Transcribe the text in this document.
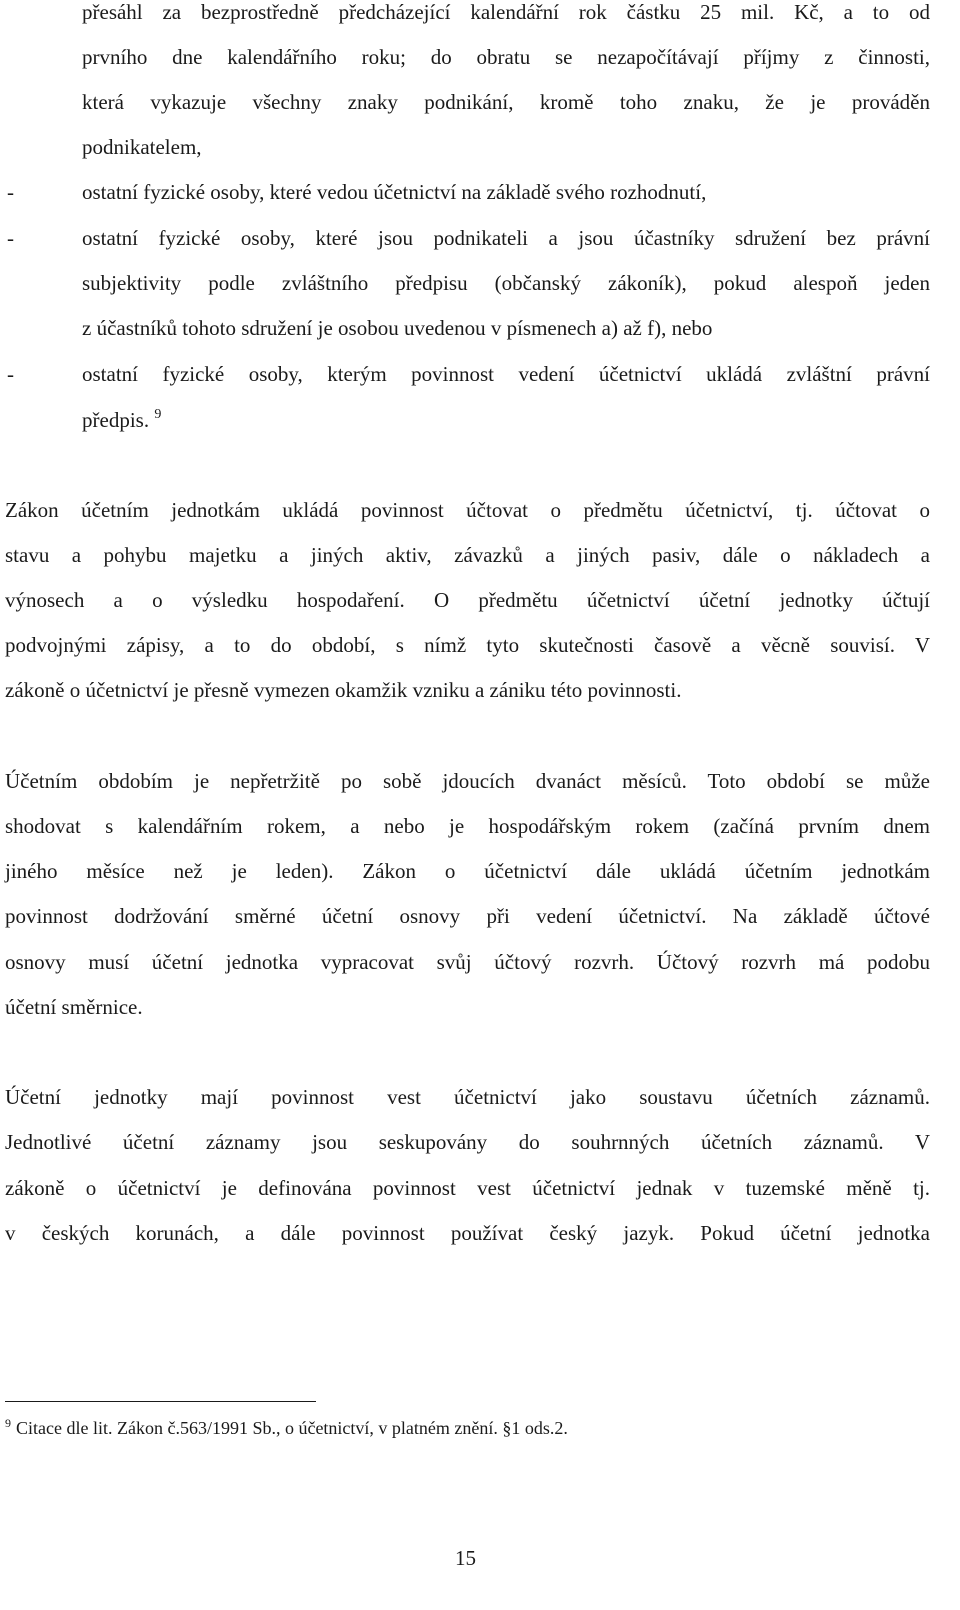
přesáhl za bezprostředně předcházející kalendářní rok částku 25 mil. Kč, a to od
prvního dne kalendářního roku; do obratu se nezapočítávají příjmy z činnosti,
která vykazuje všechny znaky podnikání, kromě toho znaku, že je prováděn
podnikatelem,
-	ostatní fyzické osoby, které vedou účetnictví na základě svého rozhodnutí,
-	ostatní fyzické osoby, které jsou podnikateli a jsou účastníky sdružení bez právní
subjektivity podle zvláštního předpisu (občanský zákoník), pokud alespoň jeden
z účastníků tohoto sdružení je osobou uvedenou v písmenech a) až f), nebo
-	ostatní fyzické osoby, kterým povinnost vedení účetnictví ukládá zvláštní právní
předpis. $^9$
Zákon účetním jednotkám ukládá povinnost účtovat o předmětu účetnictví, tj. účtovat o
stavu a pohybu majetku a jiných aktiv, závazků a jiných pasiv, dále o nákladech a
výnosech a o výsledku hospodaření. O předmětu účetnictví účetní jednotky účtují
podvojnými zápisy, a to do období, s nímž tyto skutečnosti časově a věcně souvisí. V
zákoně o účetnictví je přesně vymezen okamžik vzniku a zániku této povinnosti.
Účetním obdobím je nepřetržitě po sobě jdoucích dvanáct měsíců. Toto období se může
shodovat s kalendářním rokem, a nebo je hospodářským rokem (začíná prvním dnem
jiného měsíce než je leden). Zákon o účetnictví dále ukládá účetním jednotkám
povinnost dodržování směrné účetní osnovy při vedení účetnictví. Na základě účtové
osnovy musí účetní jednotka vypracovat svůj účtový rozvrh. Účtový rozvrh má podobu
účetní směrnice.
Účetní jednotky mají povinnost vest účetnictví jako soustavu účetních záznamů.
Jednotlivé účetní záznamy jsou seskupovány do souhrnných účetních záznamů. V
zákoně o účetnictví je definována povinnost vest účetnictví jednak v tuzemské měně tj.
v českých korunách, a dále povinnost používat český jazyk. Pokud účetní jednotka
$^9$ Citace dle lit. Zákon č.563/1991 Sb., o účetnictví, v platném znění. §1 ods.2.
15
